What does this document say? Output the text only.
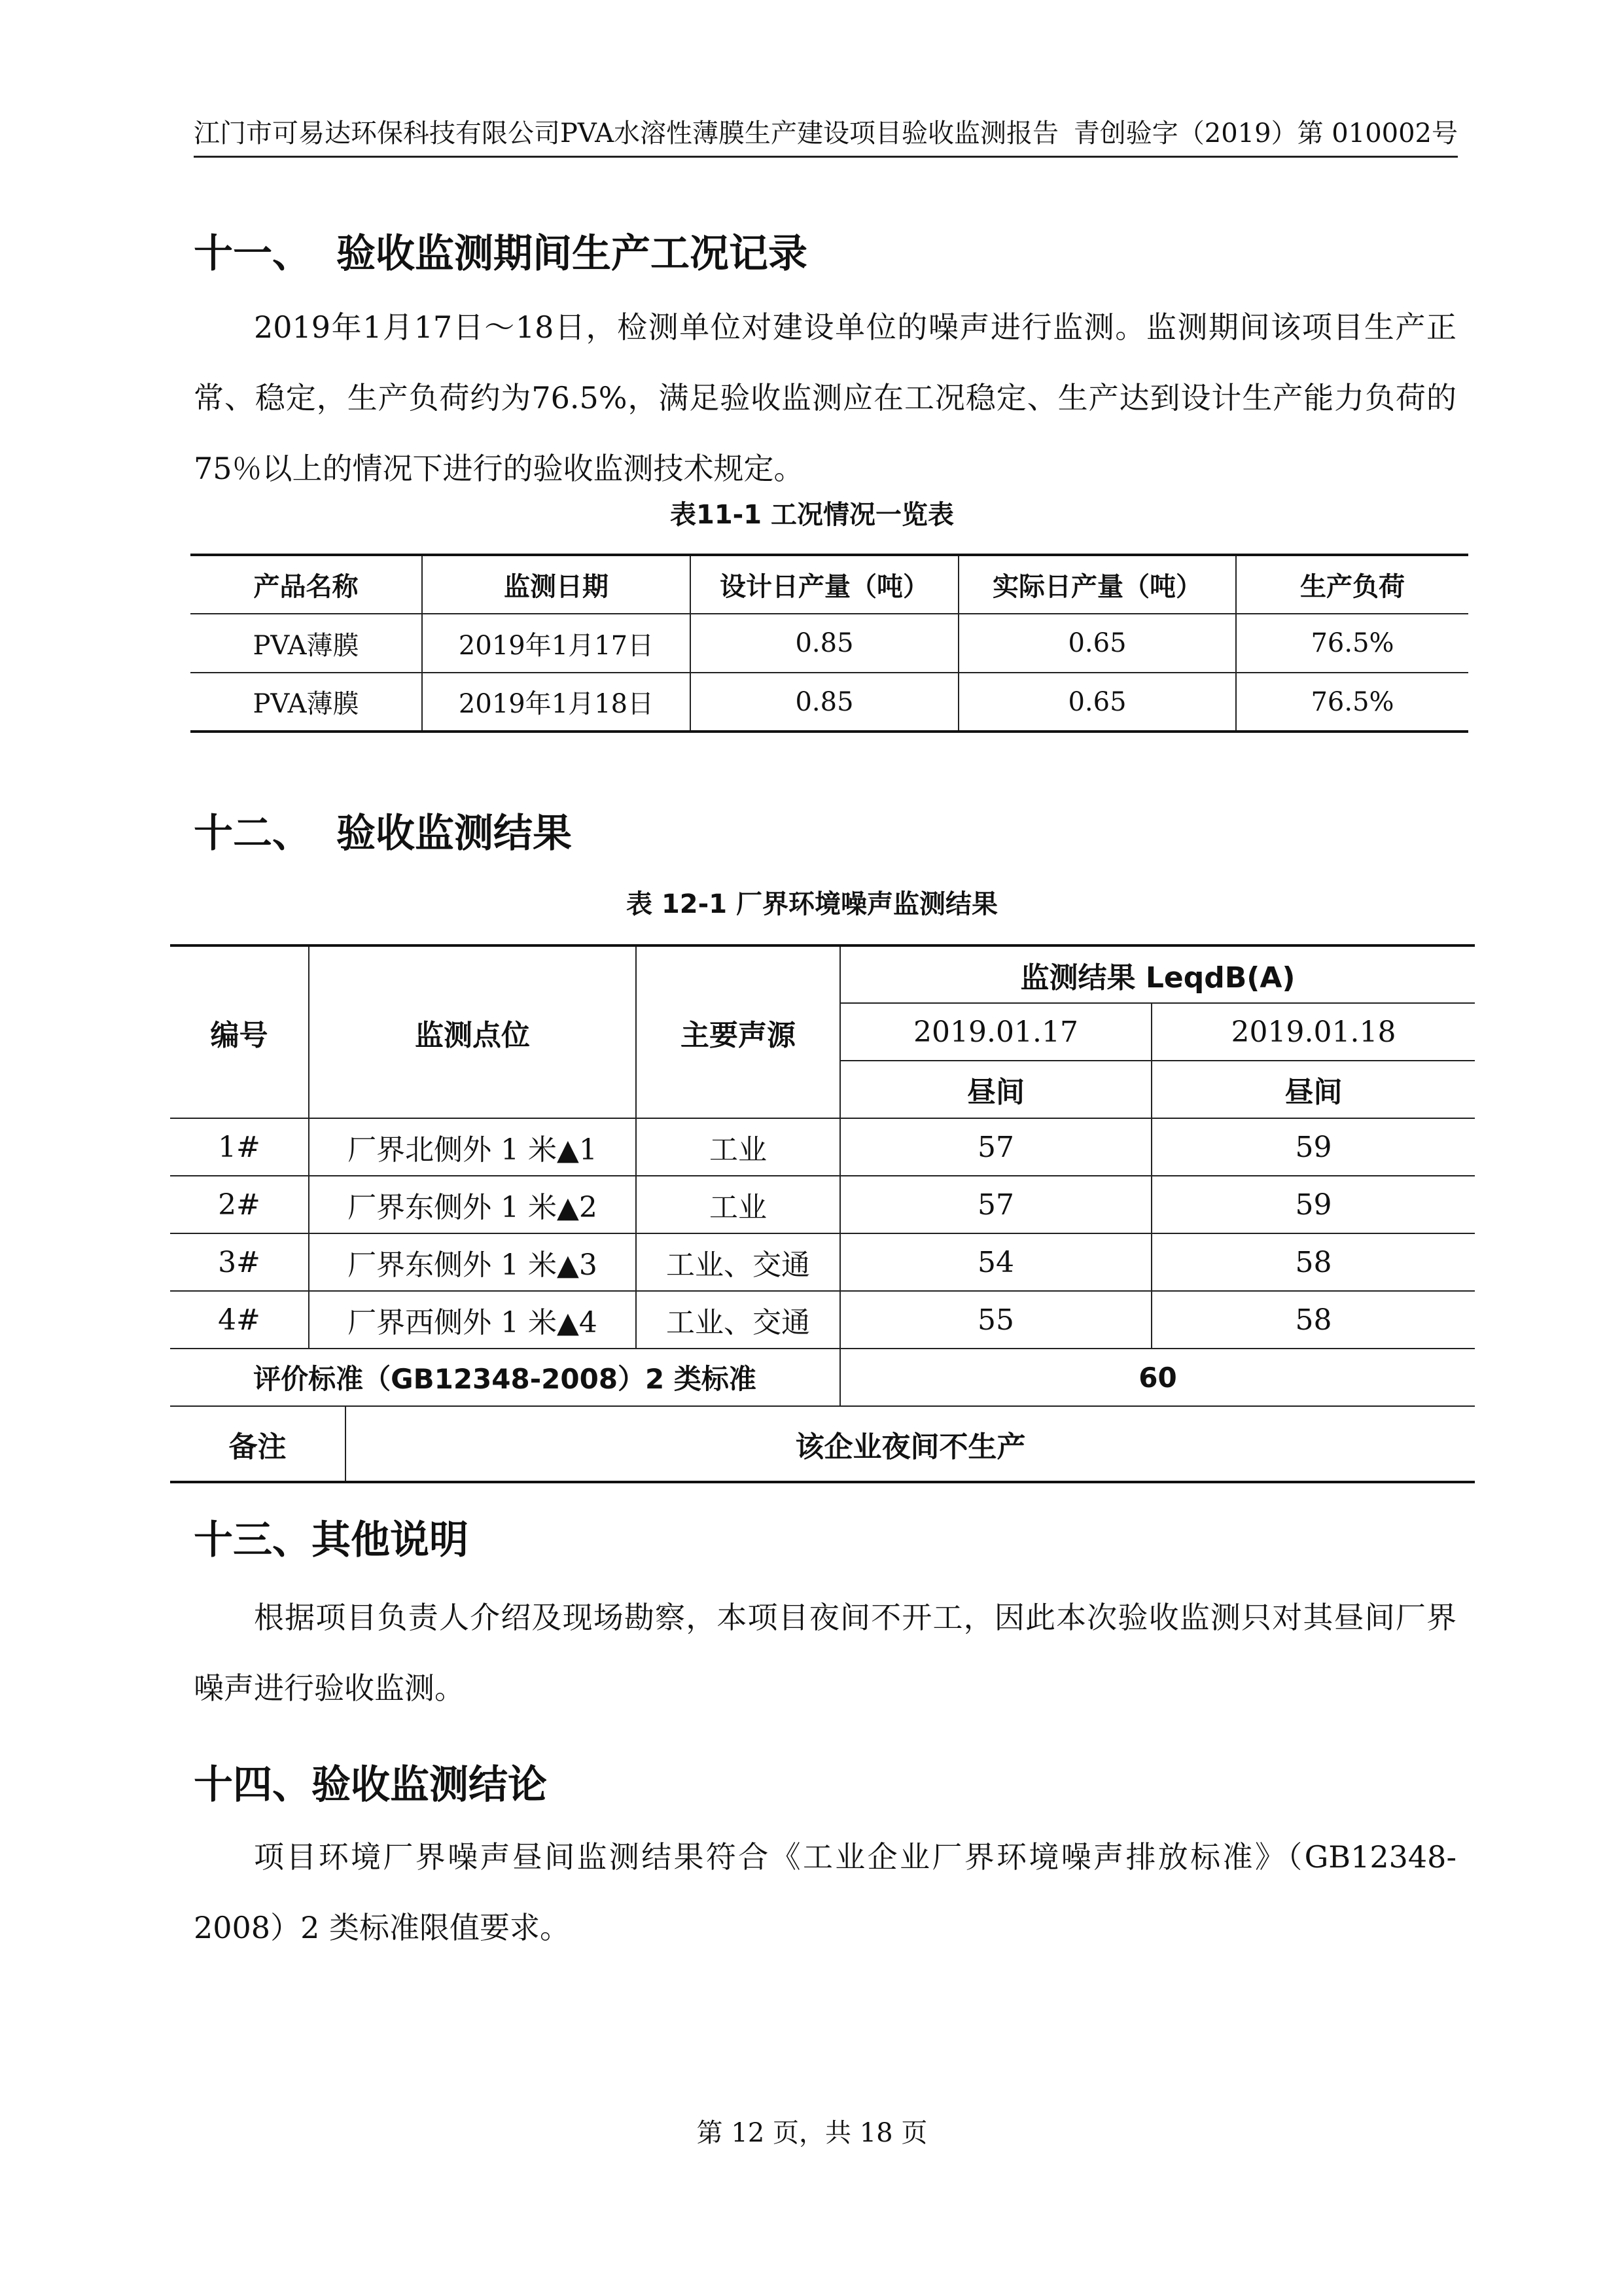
江门市可易达环保科技有限公司PVA水溶性薄膜生产建设项目验收监测报告 青创验字（2019）第 010002号
十一、 验收监测期间生产工况记录
2019年1月17日～18日，检测单位对建设单位的噪声进行监测。监测期间该项目生产正常、稳定，生产负荷约为76.5%，满足验收监测应在工况稳定、生产达到设计生产能力负荷的75％以上的情况下进行的验收监测技术规定。
表11-1 工况情况一览表
产品名称	监测日期	设计日产量（吨）	实际日产量（吨）	生产负荷
PVA薄膜	2019年1月17日	0.85	0.65	76.5%
PVA薄膜	2019年1月18日	0.85	0.65	76.5%
十二、 验收监测结果
表 12-1 厂界环境噪声监测结果
编号	监测点位		主要声源	监测结果 LeqdB(A)	
				2019.01.17	2019.01.18
				昼间	昼间
1#	厂界北侧外 1 米▲1		工业	57	59
2#	厂界东侧外 1 米▲2		工业	57	59
3#	厂界东侧外 1 米▲3		工业、交通	54	58
4#	厂界西侧外 1 米▲4		工业、交通	55	58
评价标准（GB12348-2008）2 类标准				60	
备注		该企业夜间不生产			
十三、其他说明
根据项目负责人介绍及现场勘察，本项目夜间不开工，因此本次验收监测只对其昼间厂界噪声进行验收监测。
十四、验收监测结论
项目环境厂界噪声昼间监测结果符合《工业企业厂界环境噪声排放标准》（GB12348-2008）2 类标准限值要求。
第 12 页，共 18 页
